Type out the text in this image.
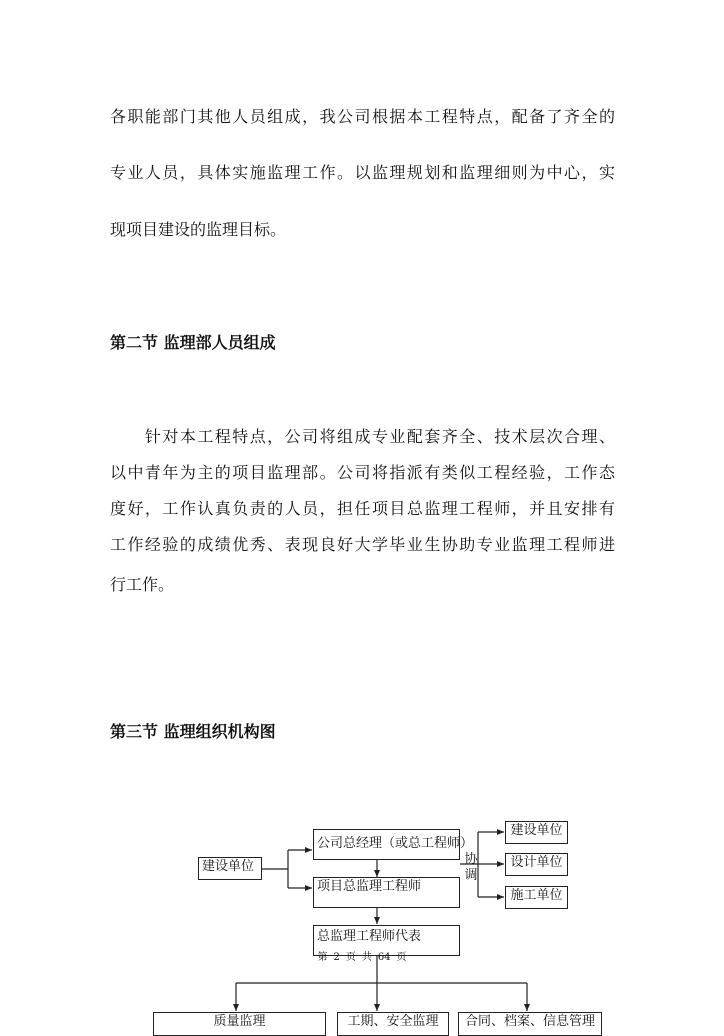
各职能部门其他人员组成，我公司根据本工程特点，配备了齐全的
专业人员，具体实施监理工作。以监理规划和监理细则为中心，实
现项目建设的监理目标。
第二节 监理部人员组成
　　针对本工程特点，公司将组成专业配套齐全、技术层次合理、
以中青年为主的项目监理部。公司将指派有类似工程经验，工作态
度好，工作认真负责的人员，担任项目总监理工程师，并且安排有
工作经验的成绩优秀、表现良好大学毕业生协助专业监理工程师进
行工作。
第三节 监理组织机构图
建设单位
公司总经理（或总工程师）
项目总监理工程师
总监理工程师代表
协调
建设单位
设计单位
施工单位
质量监理	工期、安全监理	合同、档案、信息管理
第 2 页 共 64 页
